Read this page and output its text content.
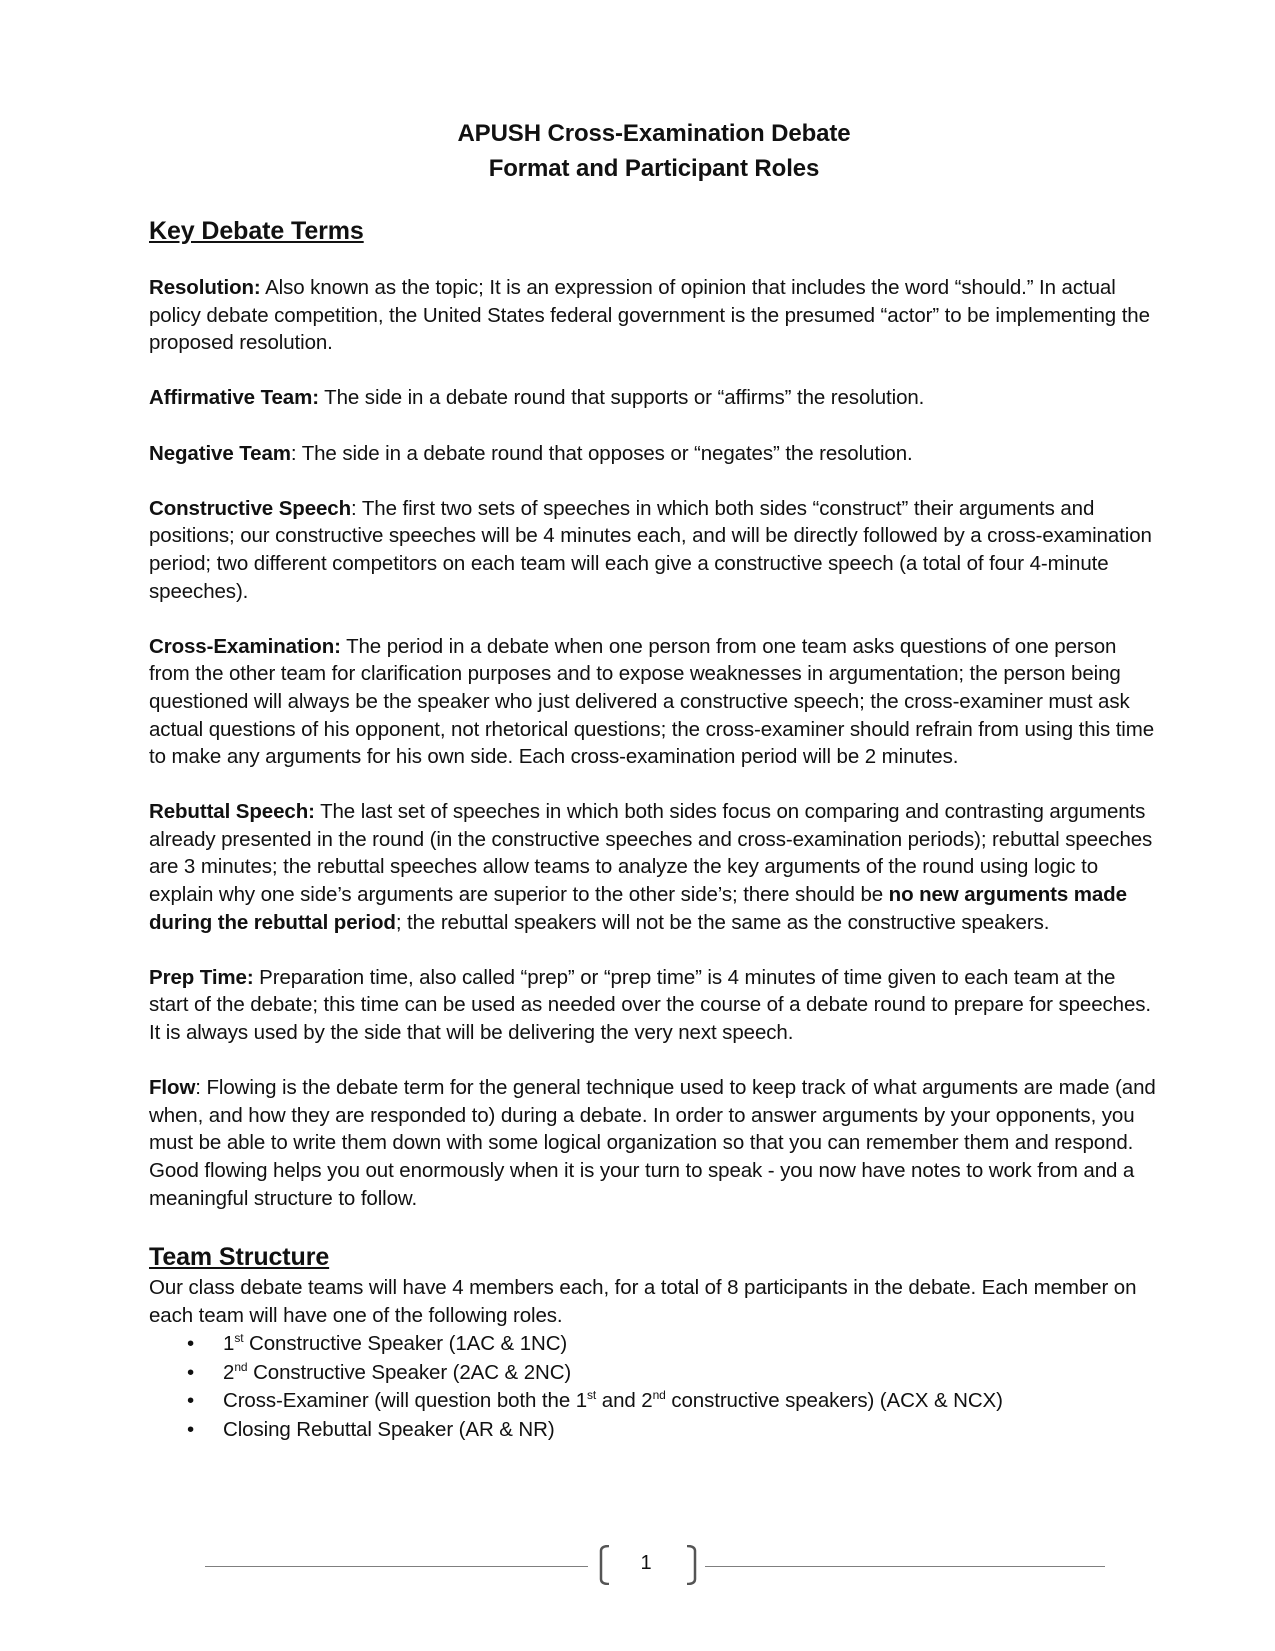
APUSH Cross-Examination Debate
Format and Participant Roles
Key Debate Terms

Resolution: Also known as the topic; It is an expression of opinion that includes the word “should.” In actual policy debate competition, the United States federal government is the presumed “actor” to be implementing the proposed resolution.

Affirmative Team: The side in a debate round that supports or “affirms” the resolution.

Negative Team: The side in a debate round that opposes or “negates” the resolution.

Constructive Speech: The first two sets of speeches in which both sides “construct” their arguments and positions; our constructive speeches will be 4 minutes each, and will be directly followed by a cross-examination period; two different competitors on each team will each give a constructive speech (a total of four 4-minute speeches).

Cross-Examination: The period in a debate when one person from one team asks questions of one person from the other team for clarification purposes and to expose weaknesses in argumentation; the person being questioned will always be the speaker who just delivered a constructive speech; the cross-examiner must ask actual questions of his opponent, not rhetorical questions; the cross-examiner should refrain from using this time to make any arguments for his own side. Each cross-examination period will be 2 minutes.

Rebuttal Speech: The last set of speeches in which both sides focus on comparing and contrasting arguments already presented in the round (in the constructive speeches and cross-examination periods); rebuttal speeches are 3 minutes; the rebuttal speeches allow teams to analyze the key arguments of the round using logic to explain why one side’s arguments are superior to the other side’s; there should be no new arguments made during the rebuttal period; the rebuttal speakers will not be the same as the constructive speakers.

Prep Time: Preparation time, also called “prep” or “prep time” is 4 minutes of time given to each team at the start of the debate; this time can be used as needed over the course of a debate round to prepare for speeches. It is always used by the side that will be delivering the very next speech.

Flow: Flowing is the debate term for the general technique used to keep track of what arguments are made (and when, and how they are responded to) during a debate. In order to answer arguments by your opponents, you must be able to write them down with some logical organization so that you can remember them and respond. Good flowing helps you out enormously when it is your turn to speak - you now have notes to work from and a meaningful structure to follow.

Team Structure

Our class debate teams will have 4 members each, for a total of 8 participants in the debate. Each member on each team will have one of the following roles.

• 1st Constructive Speaker (1AC & 1NC)
• 2nd Constructive Speaker (2AC & 2NC)
• Cross-Examiner (will question both the 1st and 2nd constructive speakers) (ACX & NCX)
• Closing Rebuttal Speaker (AR & NR)
1
